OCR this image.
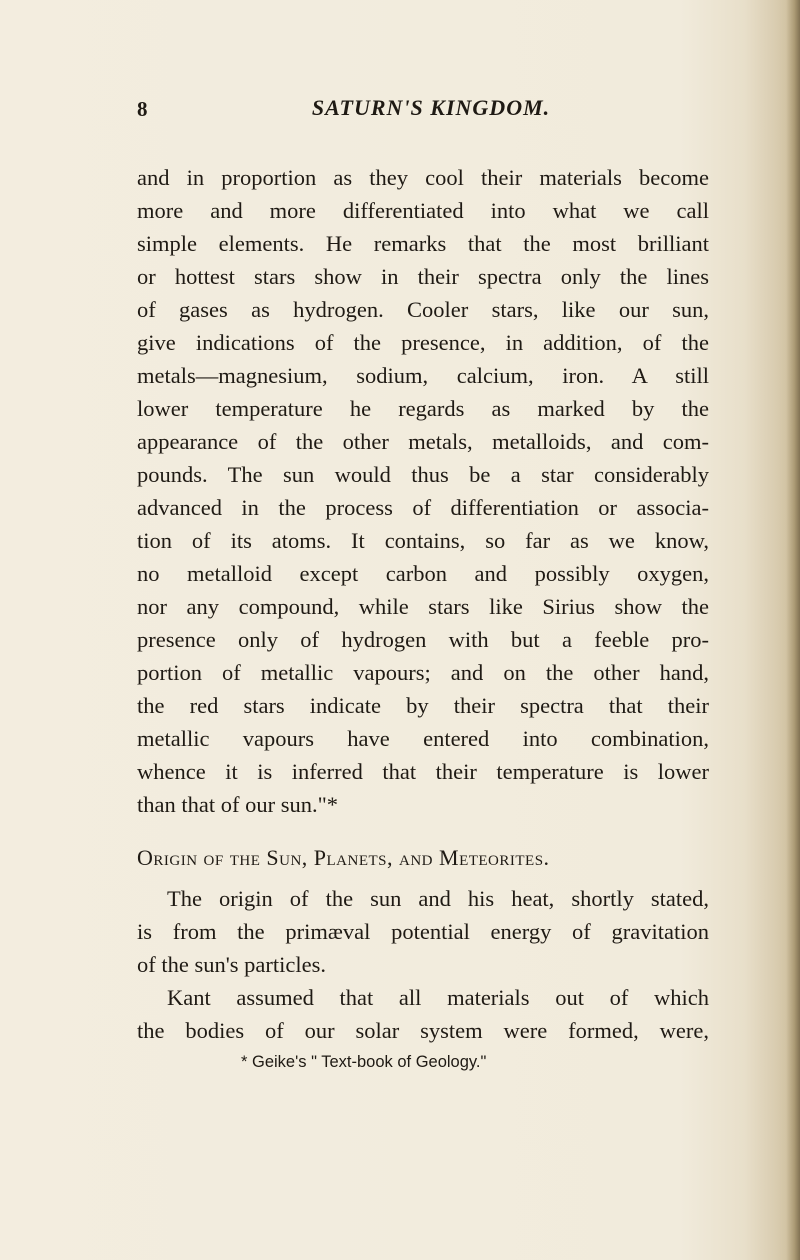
8	SATURN'S KINGDOM.
and in proportion as they cool their materials become
more and more differentiated into what we call
simple elements. He remarks that the most brilliant
or hottest stars show in their spectra only the lines
of gases as hydrogen. Cooler stars, like our sun,
give indications of the presence, in addition, of the
metals—magnesium, sodium, calcium, iron. A still
lower temperature he regards as marked by the
appearance of the other metals, metalloids, and com-
pounds. The sun would thus be a star considerably
advanced in the process of differentiation or associa-
tion of its atoms. It contains, so far as we know,
no metalloid except carbon and possibly oxygen,
nor any compound, while stars like Sirius show the
presence only of hydrogen with but a feeble pro-
portion of metallic vapours; and on the other hand,
the red stars indicate by their spectra that their
metallic vapours have entered into combination,
whence it is inferred that their temperature is lower
than that of our sun."*
Origin of the Sun, Planets, and Meteorites.
The origin of the sun and his heat, shortly stated,
is from the primæval potential energy of gravitation
of the sun's particles.
Kant assumed that all materials out of which
the bodies of our solar system were formed, were,
* Geike's " Text-book of Geology."
